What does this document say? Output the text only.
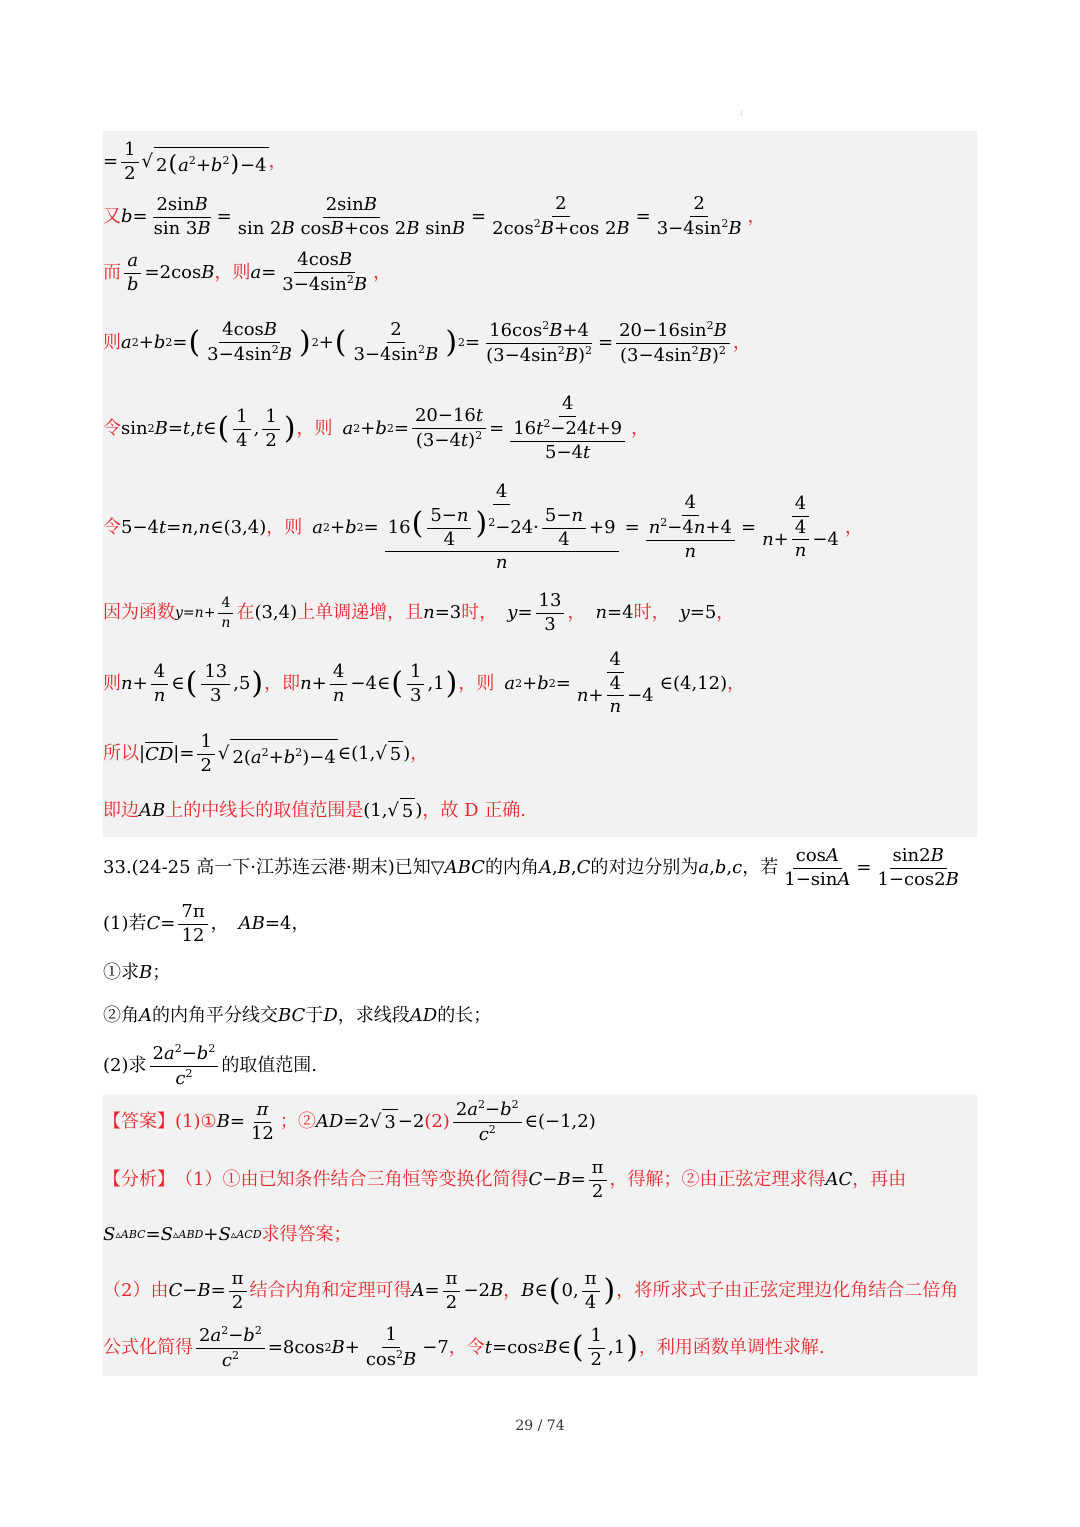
:
= $\frac{1}{2}$ √ $2(a^2+b^2)-4$ ，
又 $b = \frac{2\sin B}{\sin 3B} = \frac{2\sin B}{\text{sin 2B cosB+cos 2B sinB}} = \frac{2}{2\cos^2B+\cos 2B} = \frac{2}{3-4\sin^2B}$ ，
而 $\frac{a}{b} =2\cos$ B ，则 $a = \frac{4\cos B}{3-4\sin^2B}$ ，
则 a 2 + b 2 = ( $\frac{4\cos B}{3-4\sin^2B}$ ) 2 + ( $\frac{2}{3-4\sin^2B}$ ) $2 = \frac{16\cos^2B+4}{(3-4\sin^2B)^2} = \frac{20-16\sin^2B}{(3-4\sin^2B)^2}$ ，
令 sin 2 B = t , t ∈ ( $\frac{1}{4}$ , $\frac{1}{2}$ ) ，则 a 2 + b $2 = \frac{20-16t}{(3-4t)^2} = \frac{4}{\frac{16t^2-24t+9}{5-4t}}$ ，
令 5−4 t = n , n ∈(3,4) ，则 a 2 + b $2 = \frac{4}{\frac{16( \frac{5-n}{4} )^2-24\cdot \frac{5-n}{4} +9}{n}} = \frac{4}{\frac{n^2-4n+4}{n}} = \frac{4}{n+ \frac{4}{n} -4}$ ，
因为函数 $y =n+ \frac{4}{n}$ 在 (3,4) 上单调递增，且 n =3 时， $y = \frac{13}{3}$ ， n =4 时， y =5 ，
则 $n + \frac{4}{n}$ ∈ ( $\frac{13}{3} ,5$ ) ，即 $n + \frac{4}{n}$ −4∈ ( $\frac{1}{3} ,1$ ) ，则 a 2 + b $2 = \frac{4}{n+ \frac{4}{n} -4}$ ∈(4,12) ，
所以 | CD |= $\frac{1}{2}$ √ $2(a^2+b^2)-4$ ∈(1,√ 5 ) ，
即边 AB 上的中线长的取值范围是 (1,√ 5 ) ，故 D 正确.
33. (24-25 高一下·江苏连云港·期末) 已知 ▽ ABC 的内角 A , B , C 的对边分别为 a , b , c ，若 $\frac{\cos A}{1-\sin A} = \frac{\sin 2B}{1-\cos 2B}$
(1)若 $C = \frac{7\pi}{12}$ ， AB =4，
①求 B ；
②角 A 的内角平分线交 BC 于 D ，求线段 AD 的长；
(2)求 $\frac{2a^2-b^2}{c^2}$ 的取值范围.
【答案】 (1)① $B = \frac{\pi}{12}$ ；② AD =2√ 3 −2 $(2) \frac{2a^2-b^2}{c^2}$ ∈(−1,2)
【分析】 （1）①由已知条件结合三角恒等变换化简得 $C - B = \frac{\pi}{2}$ ，得解；②由正弦定理求得 AC ，再由
S ▵ABC = S ▵ABD + S ▵ACD 求得答案；
（2）由 $C - B = \frac{\pi}{2}$ 结合内角和定理可得 $A = \frac{\pi}{2} -2$ B ， B ∈ ( 0, $\frac{\pi}{4}$ ) ，将所求式子由正弦定理边化角结合二倍角
公式化简得 $\frac{2a^2-b^2}{c^2} =8\cos$ 2 $B + \frac{1}{\cos^2B} -7$ ，令 t =cos 2 B ∈ ( $\frac{1}{2} ,1$ ) ，利用函数单调性求解.
29 / 74
